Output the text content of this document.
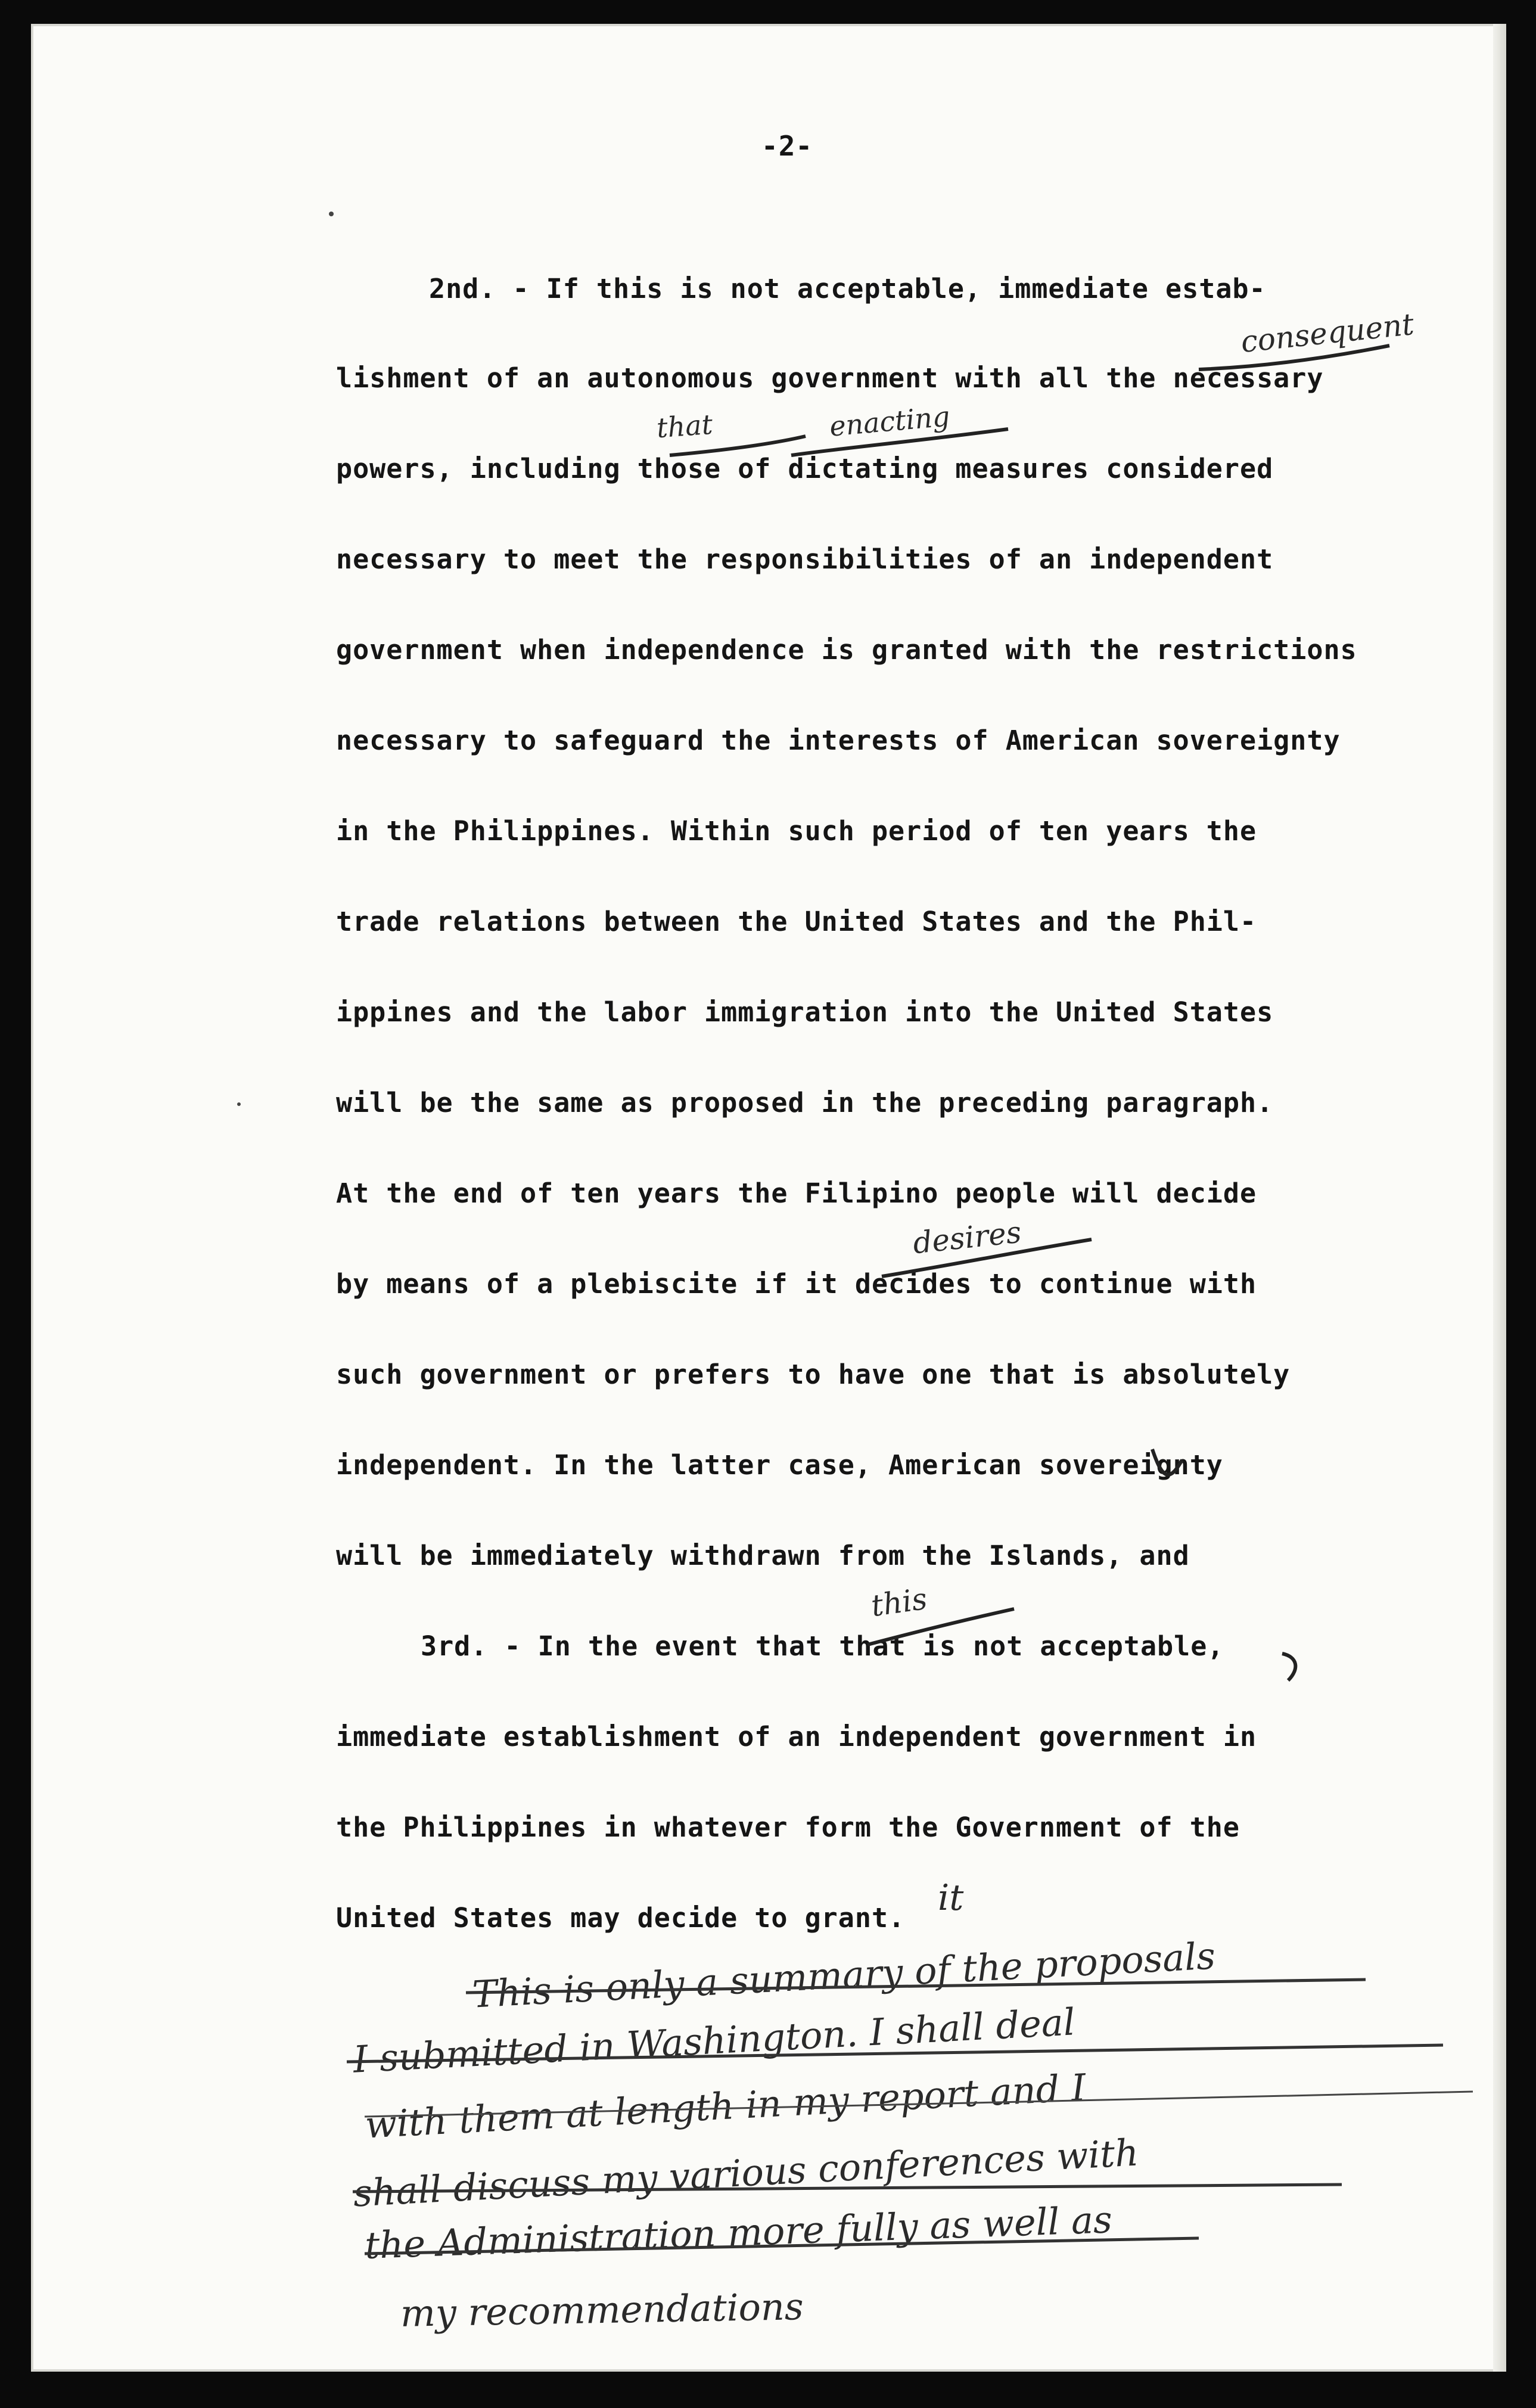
-2-
2nd. - If this is not acceptable, immediate estab-
lishment of an autonomous government with all the necessary
powers, including those of dictating measures considered
necessary to meet the responsibilities of an independent
government when independence is granted with the restrictions
necessary to safeguard the interests of American sovereignty
in the Philippines. Within such period of ten years the
trade relations between the United States and the Phil-
ippines and the labor immigration into the United States
will be the same as proposed in the preceding paragraph.
At the end of ten years the Filipino people will decide
by means of a plebiscite if it decides to continue with
such government or prefers to have one that is absolutely
independent. In the latter case, American sovereignty
will be immediately withdrawn from the Islands, and
3rd. - In the event that that is not acceptable,
immediate establishment of an independent government in
the Philippines in whatever form the Government of the
United States may decide to grant.
consequent
that	enacting
desires
this
it
This is only a summary of the proposals
I submitted in Washington. I shall deal
with them at length in my report and I
shall discuss my various conferences with
the Administration more fully as well as
my recommendations
